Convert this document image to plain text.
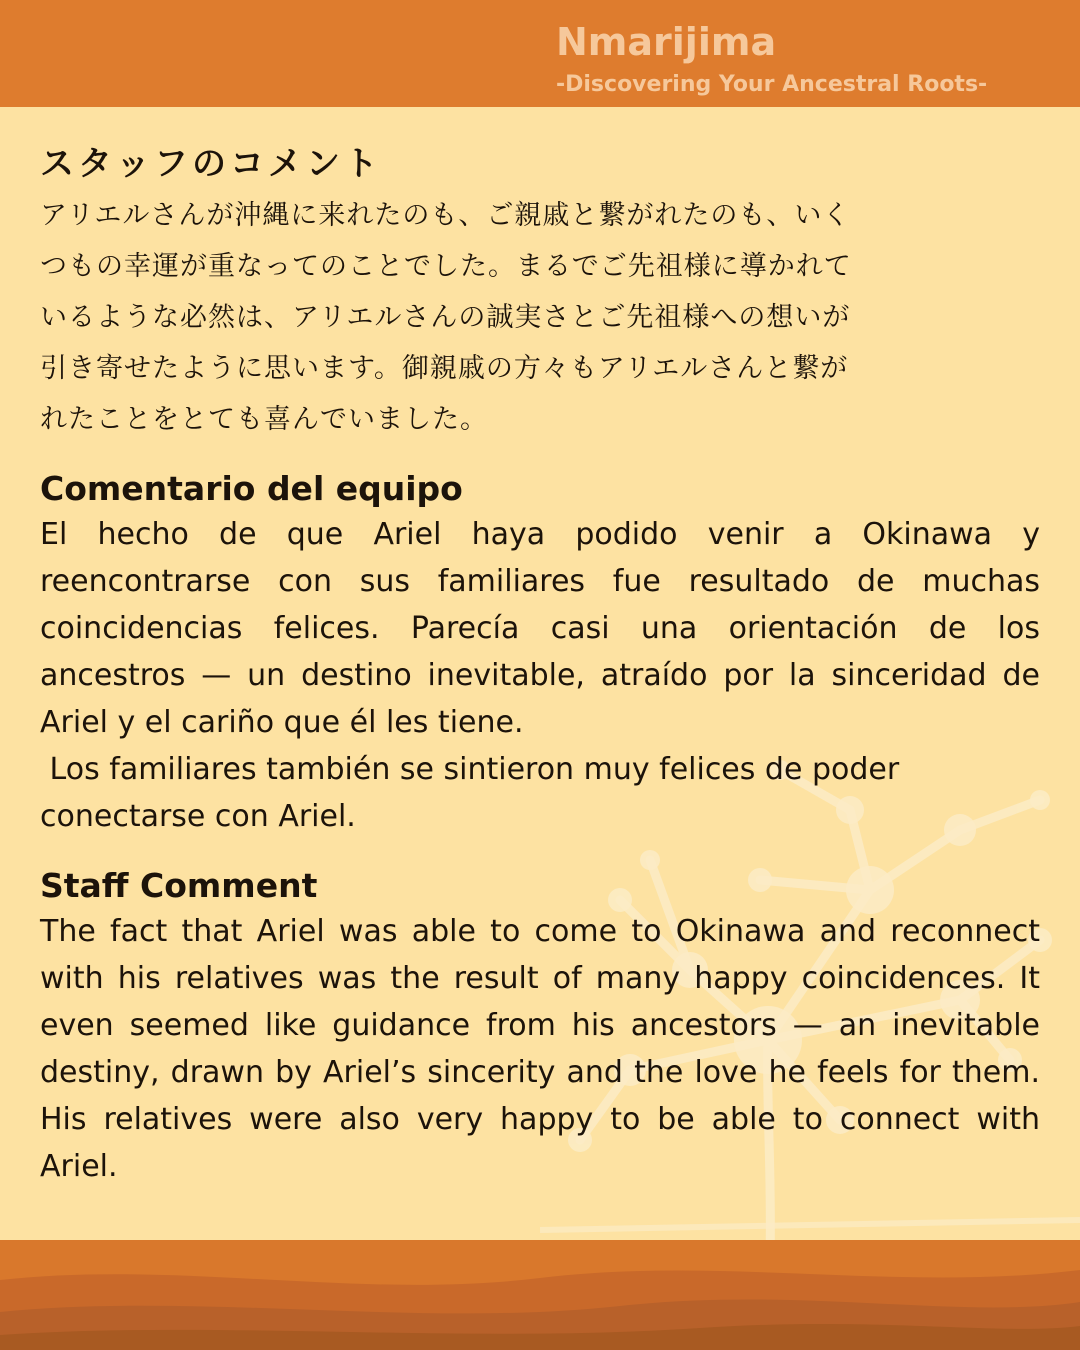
Nmarijima
-Discovering Your Ancestral Roots-
スタッフのコメント
アリエルさんが沖縄に来れたのも、ご親戚と繋がれたのも、いく
つもの幸運が重なってのことでした。まるでご先祖様に導かれて
いるような必然は、アリエルさんの誠実さとご先祖様への想いが
引き寄せたように思います。御親戚の方々もアリエルさんと繋が
れたことをとても喜んでいました。
Comentario del equipo

El hecho de que Ariel haya podido venir a Okinawa y reencontrarse con sus familiares fue resultado de muchas coincidencias felices. Parecía casi una orientación de los ancestros — un destino inevitable, atraído por la sinceridad de Ariel y el cariño que él les tiene.

Los familiares también se sintieron muy felices de poder conectarse con Ariel.

Staff Comment

The fact that Ariel was able to come to Okinawa and reconnect with his relatives was the result of many happy coincidences. It even seemed like guidance from his ancestors — an inevitable destiny, drawn by Ariel’s sincerity and the love he feels for them. His relatives were also very happy to be able to connect with Ariel.
